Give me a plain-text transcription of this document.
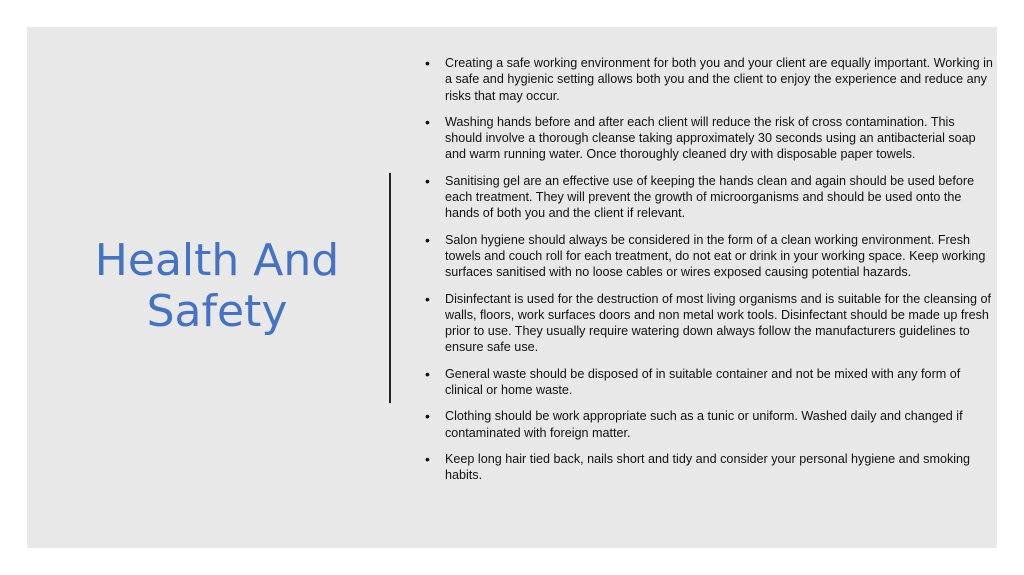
Health And
Safety
• Creating a safe working environment for both you and your client are equally important. Working in a safe and hygienic setting allows both you and the client to enjoy the experience and reduce any risks that may occur.
• Washing hands before and after each client will reduce the risk of cross contamination. This should involve a thorough cleanse taking approximately 30 seconds using an antibacterial soap and warm running water. Once thoroughly cleaned dry with disposable paper towels.
• Sanitising gel are an effective use of keeping the hands clean and again should be used before each treatment. They will prevent the growth of microorganisms and should be used onto the hands of both you and the client if relevant.
• Salon hygiene should always be considered in the form of a clean working environment. Fresh towels and couch roll for each treatment, do not eat or drink in your working space. Keep working surfaces sanitised with no loose cables or wires exposed causing potential hazards.
• Disinfectant is used for the destruction of most living organisms and is suitable for the cleansing of walls, floors, work surfaces doors and non metal work tools. Disinfectant should be made up fresh prior to use. They usually require watering down always follow the manufacturers guidelines to ensure safe use.
• General waste should be disposed of in suitable container and not be mixed with any form of clinical or home waste.
• Clothing should be work appropriate such as a tunic or uniform. Washed daily and changed if contaminated with foreign matter.
• Keep long hair tied back, nails short and tidy and consider your personal hygiene and smoking habits.
